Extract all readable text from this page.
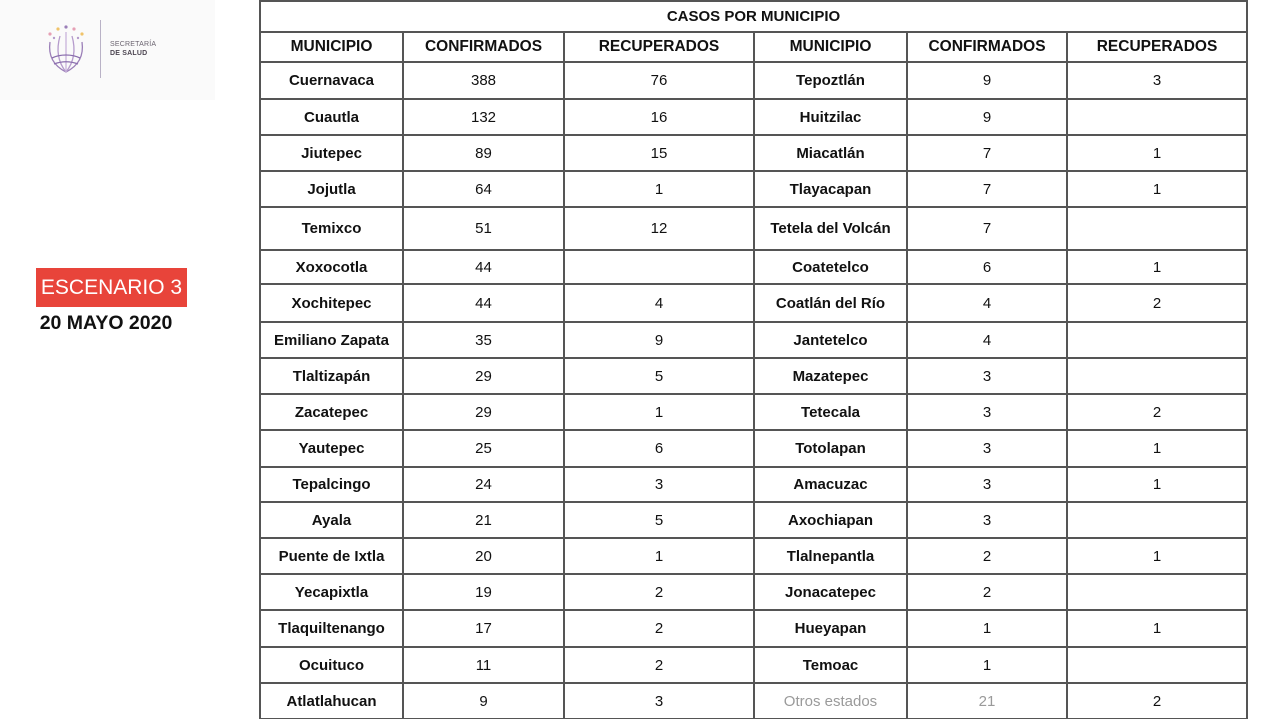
SECRETARÍA
DE SALUD
ESCENARIO 3
20 MAYO 2020
CASOS POR MUNICIPIO					
MUNICIPIO	CONFIRMADOS	RECUPERADOS	MUNICIPIO	CONFIRMADOS	RECUPERADOS
Cuernavaca	388	76	Tepoztlán	9	3
Cuautla	132	16	Huitzilac	9	
Jiutepec	89	15	Miacatlán	7	1
Jojutla	64	1	Tlayacapan	7	1
Temixco	51	12	Tetela del Volcán	7	
Xoxocotla	44		Coatetelco	6	1
Xochitepec	44	4	Coatlán del Río	4	2
Emiliano Zapata	35	9	Jantetelco	4	
Tlaltizapán	29	5	Mazatepec	3	
Zacatepec	29	1	Tetecala	3	2
Yautepec	25	6	Totolapan	3	1
Tepalcingo	24	3	Amacuzac	3	1
Ayala	21	5	Axochiapan	3	
Puente de Ixtla	20	1	Tlalnepantla	2	1
Yecapixtla	19	2	Jonacatepec	2	
Tlaquiltenango	17	2	Hueyapan	1	1
Ocuituco	11	2	Temoac	1	
Atlatlahucan	9	3	Otros estados	21	2
